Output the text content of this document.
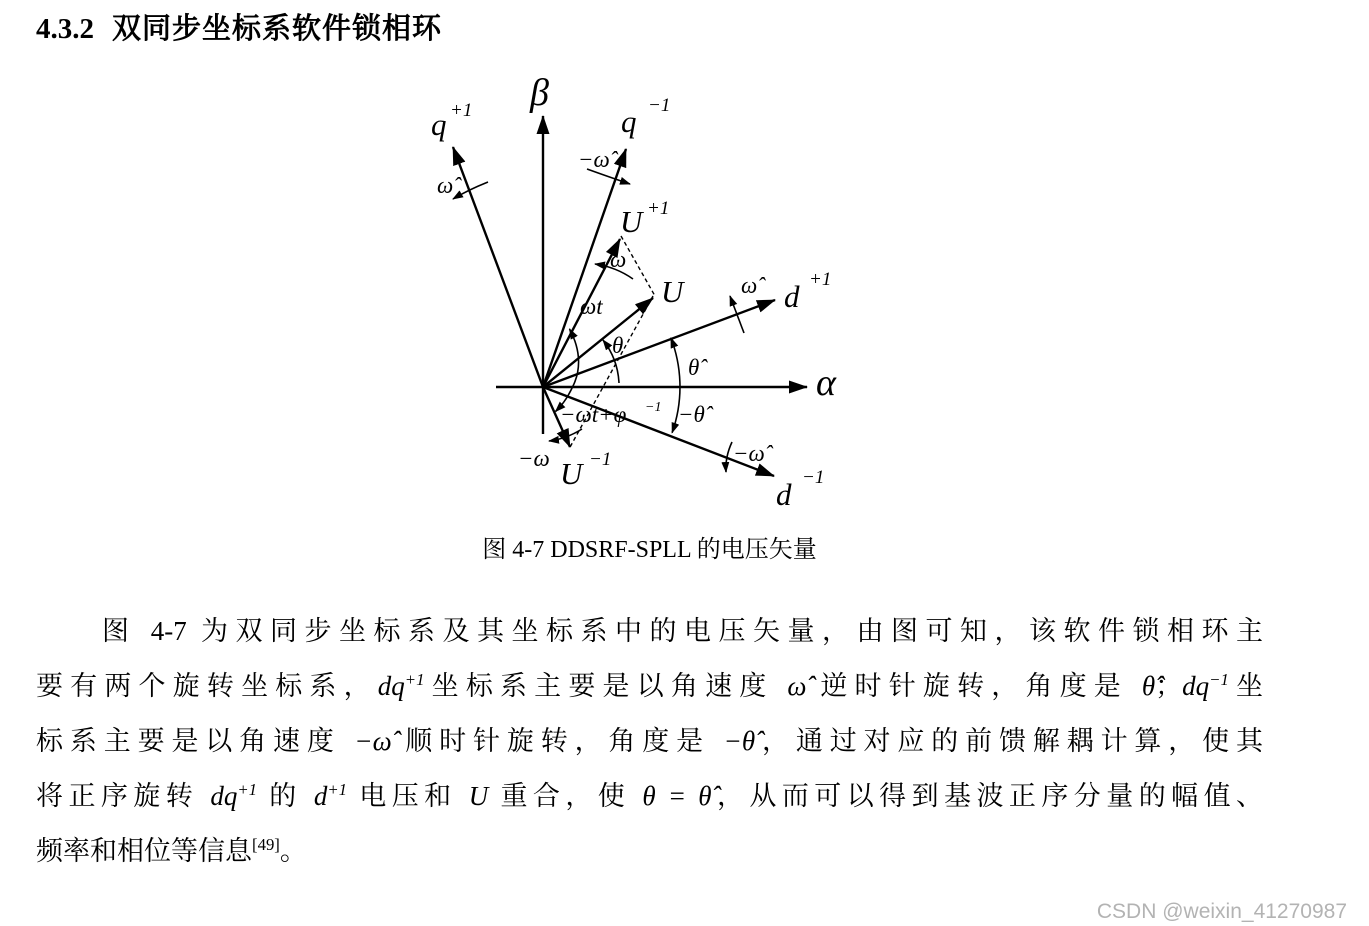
4.3.2 双同步坐标系软件锁相环
β
α
q +1	q −1
U +1
U	d +1
d −1
U −1
ω̂
−ω̂
ω
ω̂
−ω̂
−ω
ωt
θ
θ̂
−θ̂
−ωt+φ −1
图 4-7 DDSRF-SPLL 的电压矢量
图 4-7 为双同步坐标系及其坐标系中的电压矢量，由图可知，该软件锁相环主
要有两个旋转坐标系，$dq^{+1}$坐标系主要是以角速度 ω̂ 逆时针旋转，角度是 θ̂；$dq^{-1}$坐
标系主要是以角速度 −ω̂ 顺时针旋转，角度是 −θ̂，通过对应的前馈解耦计算，使其
将正序旋转 $dq^{+1}$ 的 $d^{+1}$ 电压和 U 重合，使 θ = θ̂，从而可以得到基波正序分量的幅值、
频率和相位等信息[49]。
CSDN @weixin_41270987
